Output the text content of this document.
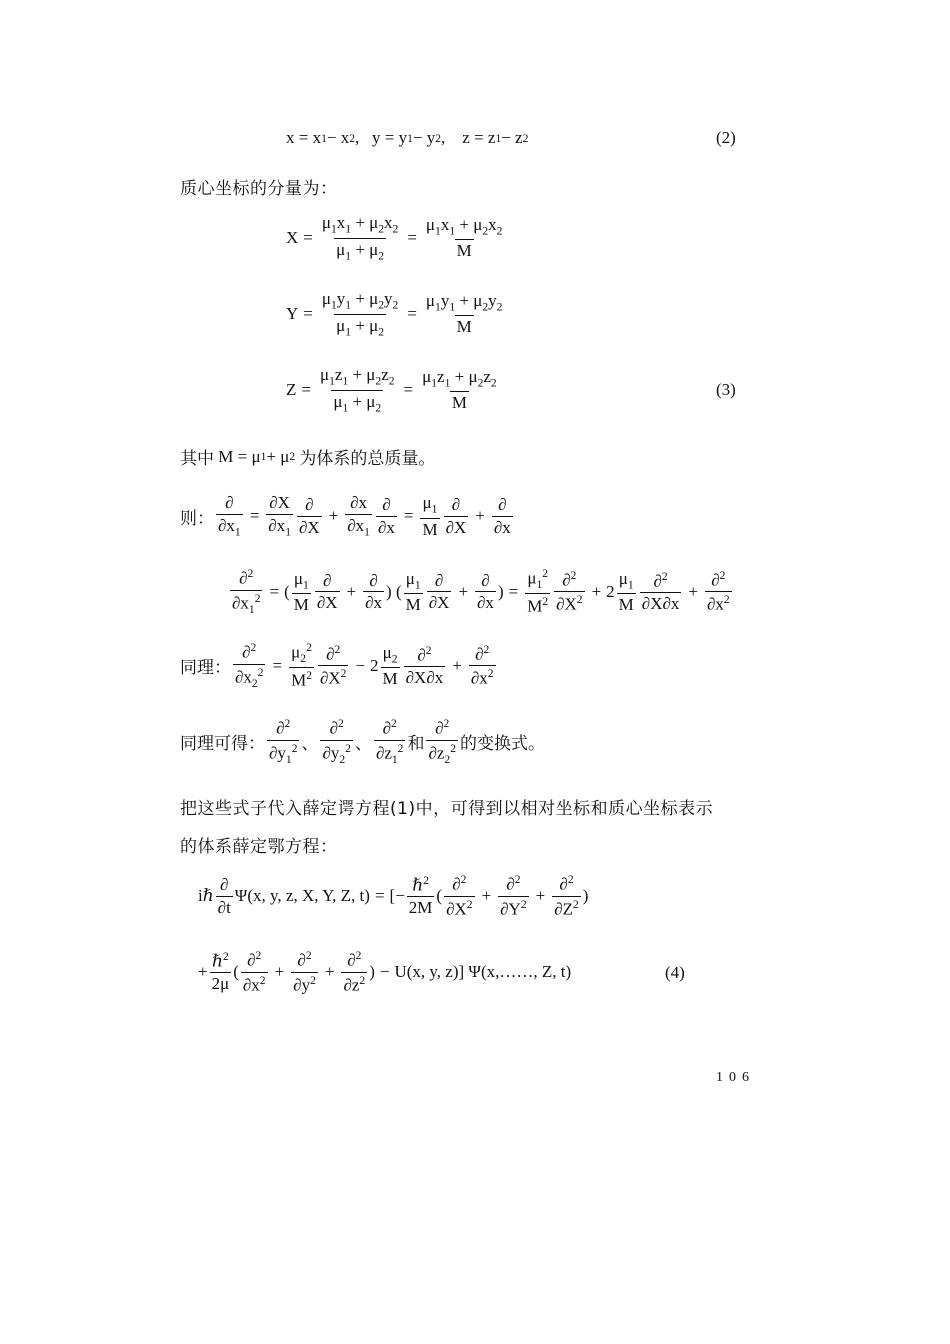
x = x 1 − x 2 ,   y = y 1 − y 2 ,    z = z 1 − z 2	(2)
质心坐标的分量为：
$X = \frac{\mu_1x_1 + \mu_2x_2}{\mu_1 + \mu_2} = \frac{\mu_1x_1 + \mu_2x_2}{M}$
$Y = \frac{\mu_1y_1 + \mu_2y_2}{\mu_1 + \mu_2} = \frac{\mu_1y_1 + \mu_2y_2}{M}$
$Z = \frac{\mu_1z_1 + \mu_2z_2}{\mu_1 + \mu_2} = \frac{\mu_1z_1 + \mu_2z_2}{M}$	(3)
其中 M = μ 1 + μ 2
为体系的总质量。
则：
∂
$\partial x_1$
= $\frac{\partial X}{\partial x_1}$ ∂
∂X
+ $\frac{\partial x}{\partial x_1}$ ∂
∂x
= $\frac{\mu_1}{M}$ ∂
∂X
+
∂
∂x
$\frac{\partial^2}{\partial x_1^2}$ = ( $\frac{\mu_1}{M}$ ∂
∂X
+
∂
∂x
) (
$\mu_1$
M
∂
∂X
+
∂
∂x
) = $\frac{\mu_1^2}{M^2} \partial^2$
$\partial X^2 + 2 \frac{\mu_1}{M} \partial^2$
∂X∂x
+ $\frac{\partial^2}{\partial x^2}$
同理： $\frac{\partial^2}{\partial x_2^2} = \frac{\mu_2^2}{M^2} \partial^2$
$\partial X^2 - 2 \frac{\mu_2}{M} \partial^2$
∂X∂x
+ $\frac{\partial^2}{\partial x^2}$
同理可得：
∂$^2$
$\partial y_1^2$ 、
∂$^2$
$\partial y_2^2$ 、
∂$^2$
$\partial z_1^2$ 和
∂$^2$
$\partial z_2^2$ 的变换式。
把这些式子代入薛定谔方程(1)中，可得到以相对坐标和质心坐标表示
的体系薛定鄂方程：
iℏ
∂
∂t
Ψ(x, y, z, X, Y, Z, t) = [−
ℏ$^2$
2M
(
∂$^2$
$\partial X^2 + \frac{\partial^2}{\partial Y^2} + \frac{\partial^2}{\partial Z^2}$ )
+
ℏ$^2$
2μ
(
∂$^2$
$\partial x^2 + \frac{\partial^2}{\partial y^2} + \frac{\partial^2}{\partial z^2}$ ) − U(x, y, z)] Ψ(x,……, Z, t)	(4)
106
